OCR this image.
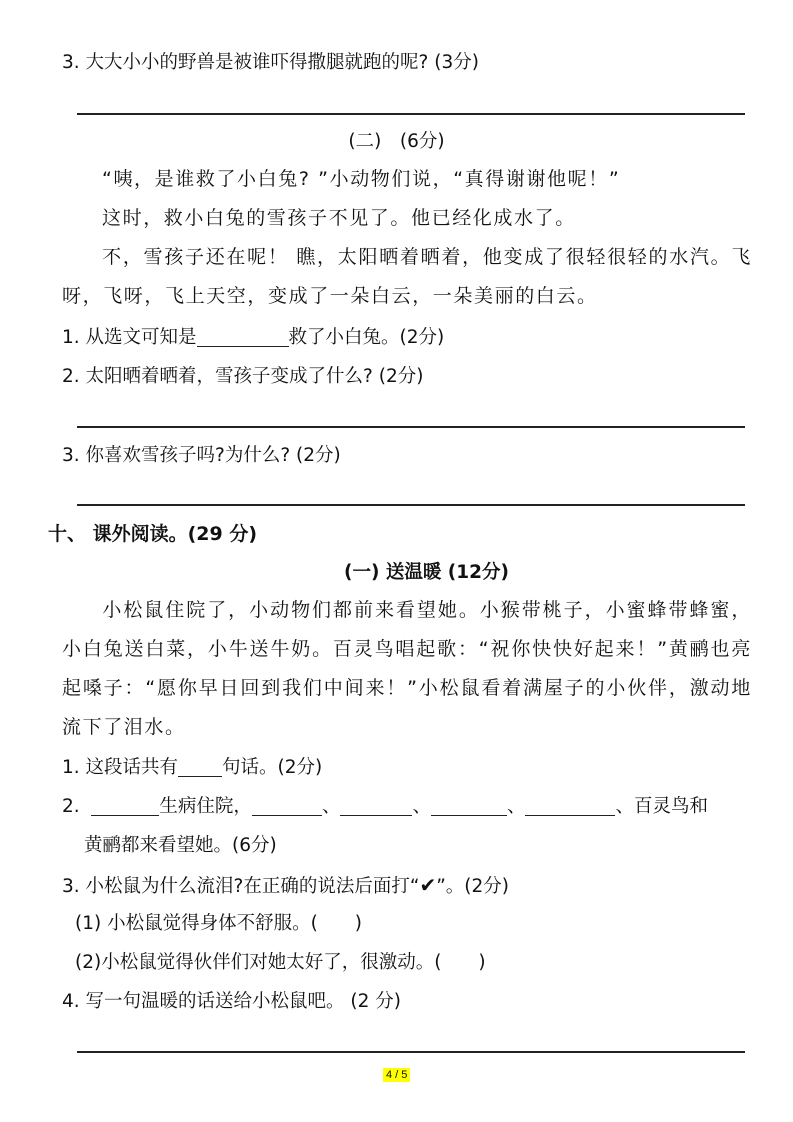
3. 大大小小的野兽是被谁吓得撒腿就跑的呢? (3分)
(二)　(6分)
“咦，是谁救了小白兔? ”小动物们说，“真得谢谢他呢！”
这时，救小白兔的雪孩子不见了。他已经化成水了。
不，雪孩子还在呢！ 瞧，太阳晒着晒着，他变成了很轻很轻的水汽。飞呀，飞呀，飞上天空，变成了一朵白云，一朵美丽的白云。
1. 从选文可知是	救了小白兔。(2分)
2. 太阳晒着晒着，雪孩子变成了什么? (2分)
3. 你喜欢雪孩子吗?为什么? (2分)
十、 课外阅读。(29 分)
(一) 送温暖 (12分)
小松鼠住院了，小动物们都前来看望她。小猴带桃子，小蜜蜂带蜂蜜，小白兔送白菜，小牛送牛奶。百灵鸟唱起歌：“祝你快快好起来！”黄鹂也亮起嗓子：“愿你早日回到我们中间来！”小松鼠看着满屋子的小伙伴，激动地流下了泪水。
1. 这段话共有 句话。(2分)
2.	生病住院，	、	、	、	、百灵鸟和
黄鹂都来看望她。(6分)
3. 小松鼠为什么流泪?在正确的说法后面打“✔”。(2分)
(1) 小松鼠觉得身体不舒服。(　　)
(2)小松鼠觉得伙伴们对她太好了，很激动。(　　)
4. 写一句温暖的话送给小松鼠吧。 (2 分)
4 / 5
